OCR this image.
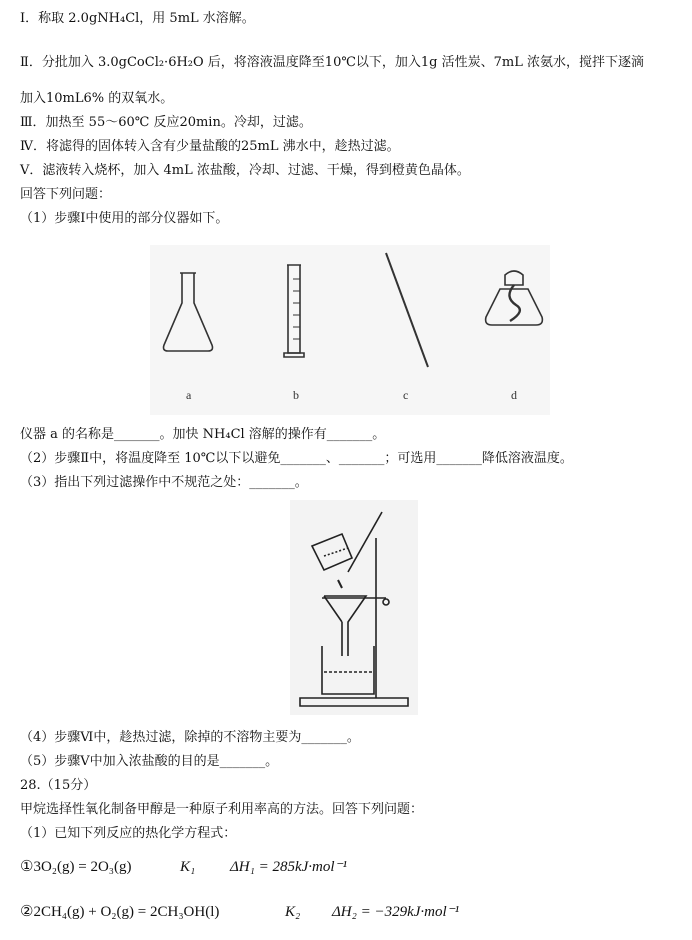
Ⅰ．称取 2.0gNH₄Cl，用 5mL 水溶解。
Ⅱ．分批加入 3.0gCoCl₂·6H₂O 后，将溶液温度降至10℃以下，加入1g 活性炭、7mL 浓氨水，搅拌下逐滴
加入10mL6% 的双氧水。
Ⅲ．加热至 55～60℃ 反应20min。冷却，过滤。
Ⅳ．将滤得的固体转入含有少量盐酸的25mL 沸水中，趁热过滤。
Ⅴ．滤液转入烧杯，加入 4mL 浓盐酸，冷却、过滤、干燥，得到橙黄色晶体。
回答下列问题：
（1）步骤Ⅰ中使用的部分仪器如下。
a	b	c	d
仪器 a 的名称是_______。加快 NH₄Cl 溶解的操作有_______。
（2）步骤Ⅱ中，将温度降至 10℃以下以避免_______、_______；可选用_______降低溶液温度。
（3）指出下列过滤操作中不规范之处：_______。
（4）步骤Ⅵ中，趁热过滤，除掉的不溶物主要为_______。
（5）步骤Ⅴ中加入浓盐酸的目的是_______。
28.（15分）
甲烷选择性氧化制备甲醇是一种原子利用率高的方法。回答下列问题：
（1）已知下列反应的热化学方程式：
①3O₂(g) = 2O₃(g)	K₁ ΔH₁ = 285kJ·mol⁻¹
②2CH₄(g) + O₂(g) = 2CH₃OH(l)	K₂ ΔH₂ = −329kJ·mol⁻¹
